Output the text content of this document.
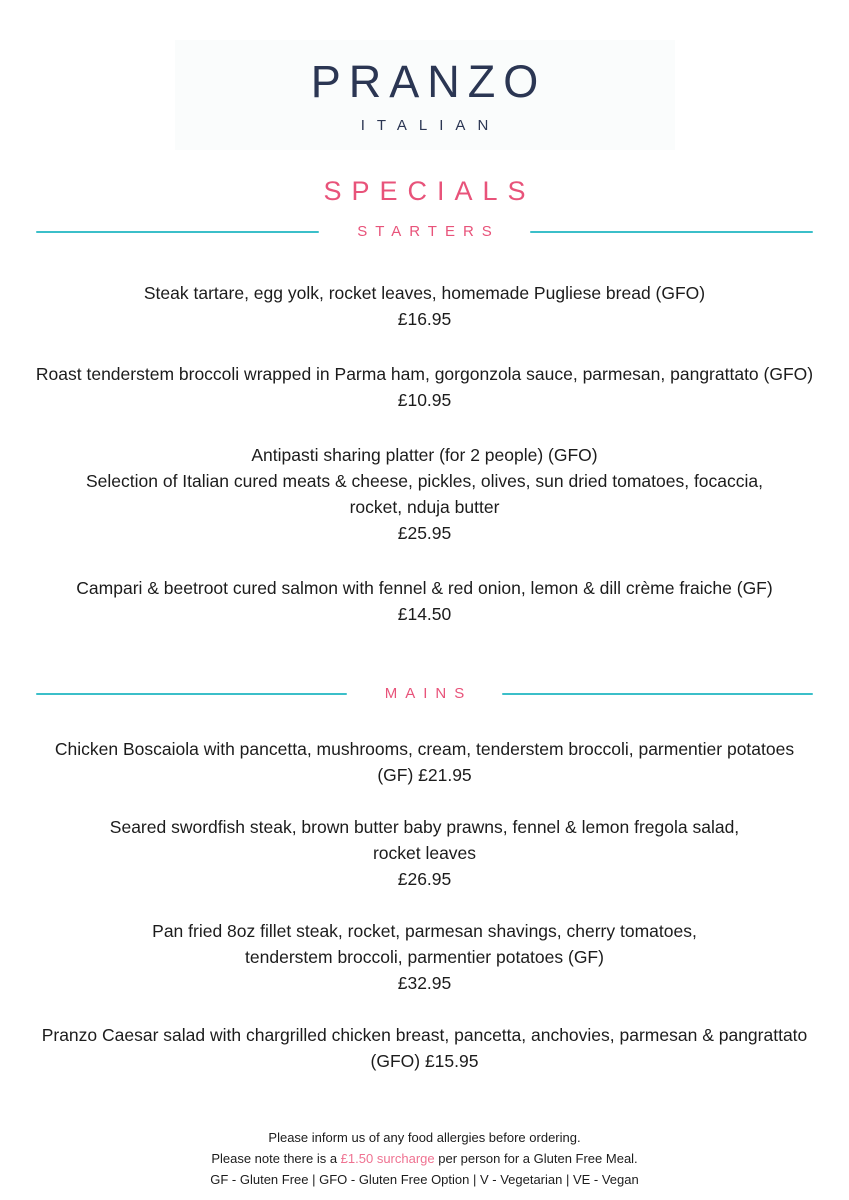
PRANZO
ITALIAN
SPECIALS
STARTERS
Steak tartare, egg yolk, rocket leaves, homemade Pugliese bread (GFO)
£16.95
Roast tenderstem broccoli wrapped in Parma ham, gorgonzola sauce, parmesan, pangrattato (GFO)
£10.95
Antipasti sharing platter (for 2 people) (GFO)
Selection of Italian cured meats & cheese, pickles, olives, sun dried tomatoes, focaccia,
rocket, nduja butter
£25.95
Campari & beetroot cured salmon with fennel & red onion, lemon & dill crème fraiche (GF)
£14.50
MAINS
Chicken Boscaiola with pancetta, mushrooms, cream, tenderstem broccoli, parmentier potatoes
(GF) £21.95
Seared swordfish steak, brown butter baby prawns, fennel & lemon fregola salad,
rocket leaves
£26.95
Pan fried 8oz fillet steak, rocket, parmesan shavings, cherry tomatoes,
tenderstem broccoli, parmentier potatoes (GF)
£32.95
Pranzo Caesar salad with chargrilled chicken breast, pancetta, anchovies, parmesan & pangrattato
(GFO) £15.95
Please inform us of any food allergies before ordering.
Please note there is a £1.50 surcharge per person for a Gluten Free Meal.
GF - Gluten Free | GFO - Gluten Free Option | V - Vegetarian | VE - Vegan
